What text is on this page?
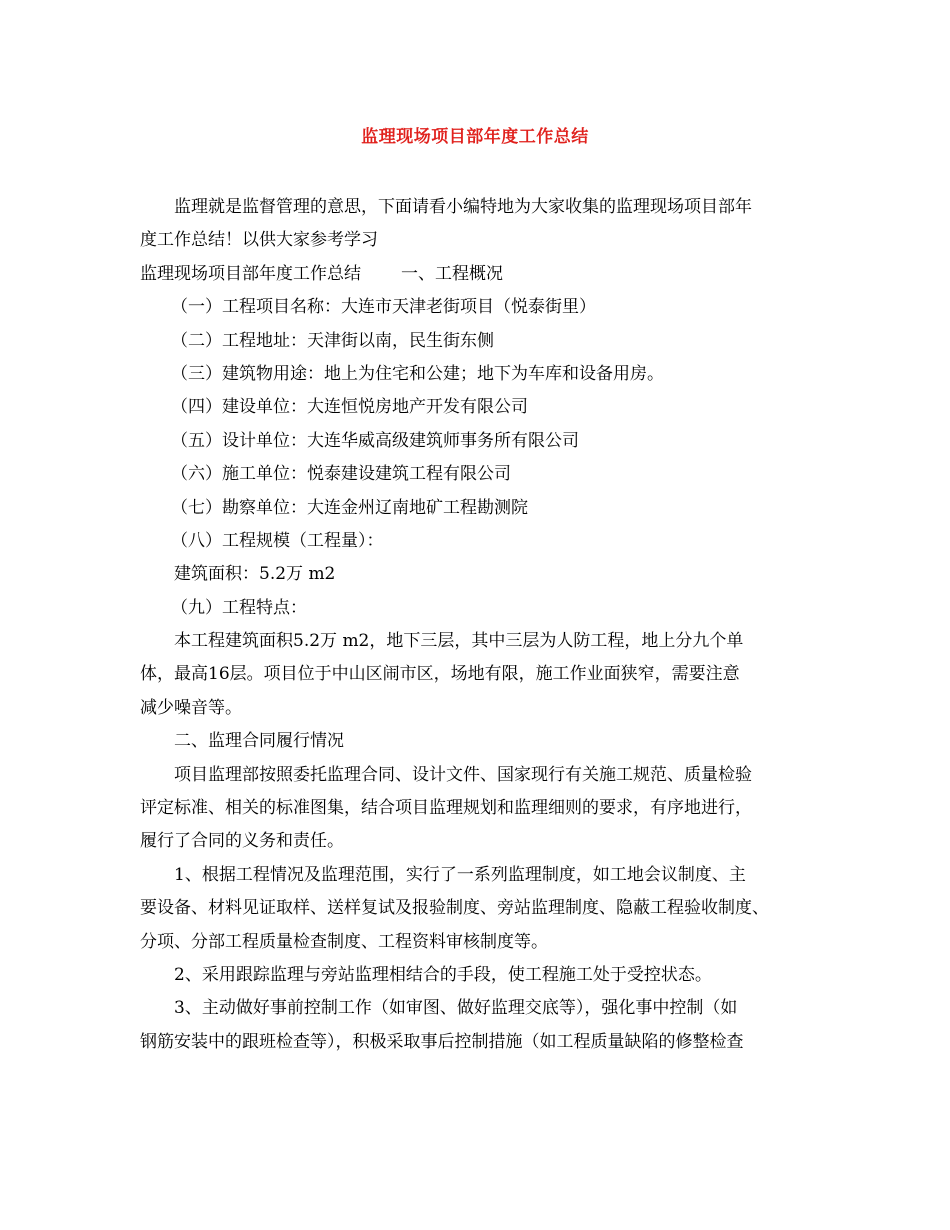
监理现场项目部年度工作总结
监理就是监督管理的意思，下面请看小编特地为大家收集的监理现场项目部年
度工作总结！以供大家参考学习
监理现场项目部年度工作总结 一、工程概况
（一）工程项目名称：大连市天津老街项目（悦泰街里）
（二）工程地址：天津街以南，民生街东侧
（三）建筑物用途：地上为住宅和公建；地下为车库和设备用房。
（四）建设单位：大连恒悦房地产开发有限公司
（五）设计单位：大连华威高级建筑师事务所有限公司
（六）施工单位：悦泰建设建筑工程有限公司
（七）勘察单位：大连金州辽南地矿工程勘测院
（八）工程规模（工程量）：
建筑面积：5.2万 m2
（九）工程特点：
本工程建筑面积5.2万 m2，地下三层，其中三层为人防工程，地上分九个单
体，最高16层。项目位于中山区闹市区，场地有限，施工作业面狭窄，需要注意
减少噪音等。
二、监理合同履行情况
项目监理部按照委托监理合同、设计文件、国家现行有关施工规范、质量检验
评定标准、相关的标准图集，结合项目监理规划和监理细则的要求，有序地进行，
履行了合同的义务和责任。
1、根据工程情况及监理范围，实行了一系列监理制度，如工地会议制度、主
要设备、材料见证取样、送样复试及报验制度、旁站监理制度、隐蔽工程验收制度、
分项、分部工程质量检查制度、工程资料审核制度等。
2、采用跟踪监理与旁站监理相结合的手段，使工程施工处于受控状态。
3、主动做好事前控制工作（如审图、做好监理交底等），强化事中控制（如
钢筋安装中的跟班检查等），积极采取事后控制措施（如工程质量缺陷的修整检查
